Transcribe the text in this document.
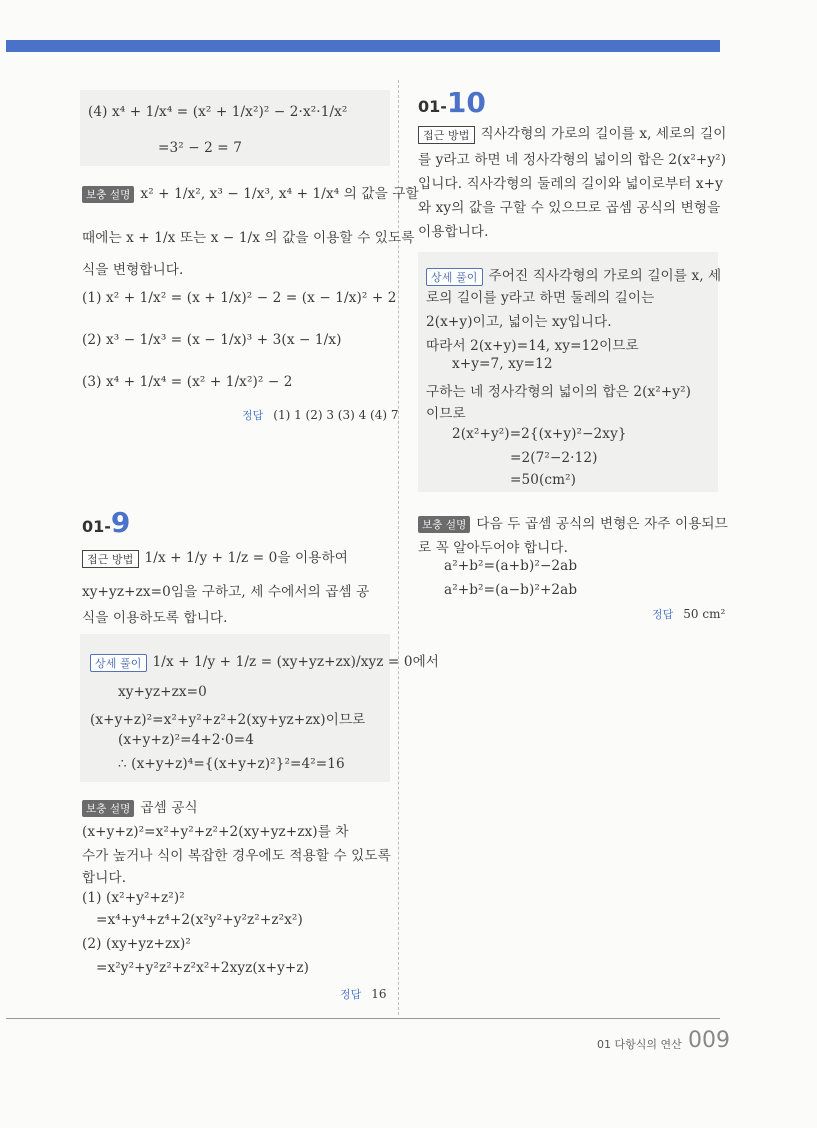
(4) x⁴ + 1/x⁴ = (x² + 1/x²)² − 2·x²·1/x²
=3² − 2 = 7
보충 설명 x² + 1/x², x³ − 1/x³, x⁴ + 1/x⁴ 의 값을 구할
때에는 x + 1/x 또는 x − 1/x 의 값을 이용할 수 있도록
식을 변형합니다.
(1) x² + 1/x² = (x + 1/x)² − 2 = (x − 1/x)² + 2
(2) x³ − 1/x³ = (x − 1/x)³ + 3(x − 1/x)
(3) x⁴ + 1/x⁴ = (x² + 1/x²)² − 2
정답 (1) 1 (2) 3 (3) 4 (4) 7
01-9
접근 방법 1/x + 1/y + 1/z = 0을 이용하여
xy+yz+zx=0임을 구하고, 세 수에서의 곱셈 공
식을 이용하도록 합니다.
상세 풀이 1/x + 1/y + 1/z = (xy+yz+zx)/xyz = 0에서
xy+yz+zx=0
(x+y+z)²=x²+y²+z²+2(xy+yz+zx)이므로
(x+y+z)²=4+2·0=4
∴ (x+y+z)⁴={(x+y+z)²}²=4²=16
보충 설명 곱셈 공식
(x+y+z)²=x²+y²+z²+2(xy+yz+zx)를 차
수가 높거나 식이 복잡한 경우에도 적용할 수 있도록
합니다.
(1) (x²+y²+z²)²
=x⁴+y⁴+z⁴+2(x²y²+y²z²+z²x²)
(2) (xy+yz+zx)²
=x²y²+y²z²+z²x²+2xyz(x+y+z)
정답 16
01-10
접근 방법 직사각형의 가로의 길이를 x, 세로의 길이
를 y라고 하면 네 정사각형의 넓이의 합은 2(x²+y²)
입니다. 직사각형의 둘레의 길이와 넓이로부터 x+y
와 xy의 값을 구할 수 있으므로 곱셈 공식의 변형을
이용합니다.
상세 풀이 주어진 직사각형의 가로의 길이를 x, 세
로의 길이를 y라고 하면 둘레의 길이는
2(x+y)이고, 넓이는 xy입니다.
따라서 2(x+y)=14, xy=12이므로
x+y=7, xy=12
구하는 네 정사각형의 넓이의 합은 2(x²+y²)
이므로
2(x²+y²)=2{(x+y)²−2xy}
=2(7²−2·12)
=50(cm²)
보충 설명 다음 두 곱셈 공식의 변형은 자주 이용되므
로 꼭 알아두어야 합니다.
a²+b²=(a+b)²−2ab
a²+b²=(a−b)²+2ab
정답 50 cm²
01 다항식의 연산 009
